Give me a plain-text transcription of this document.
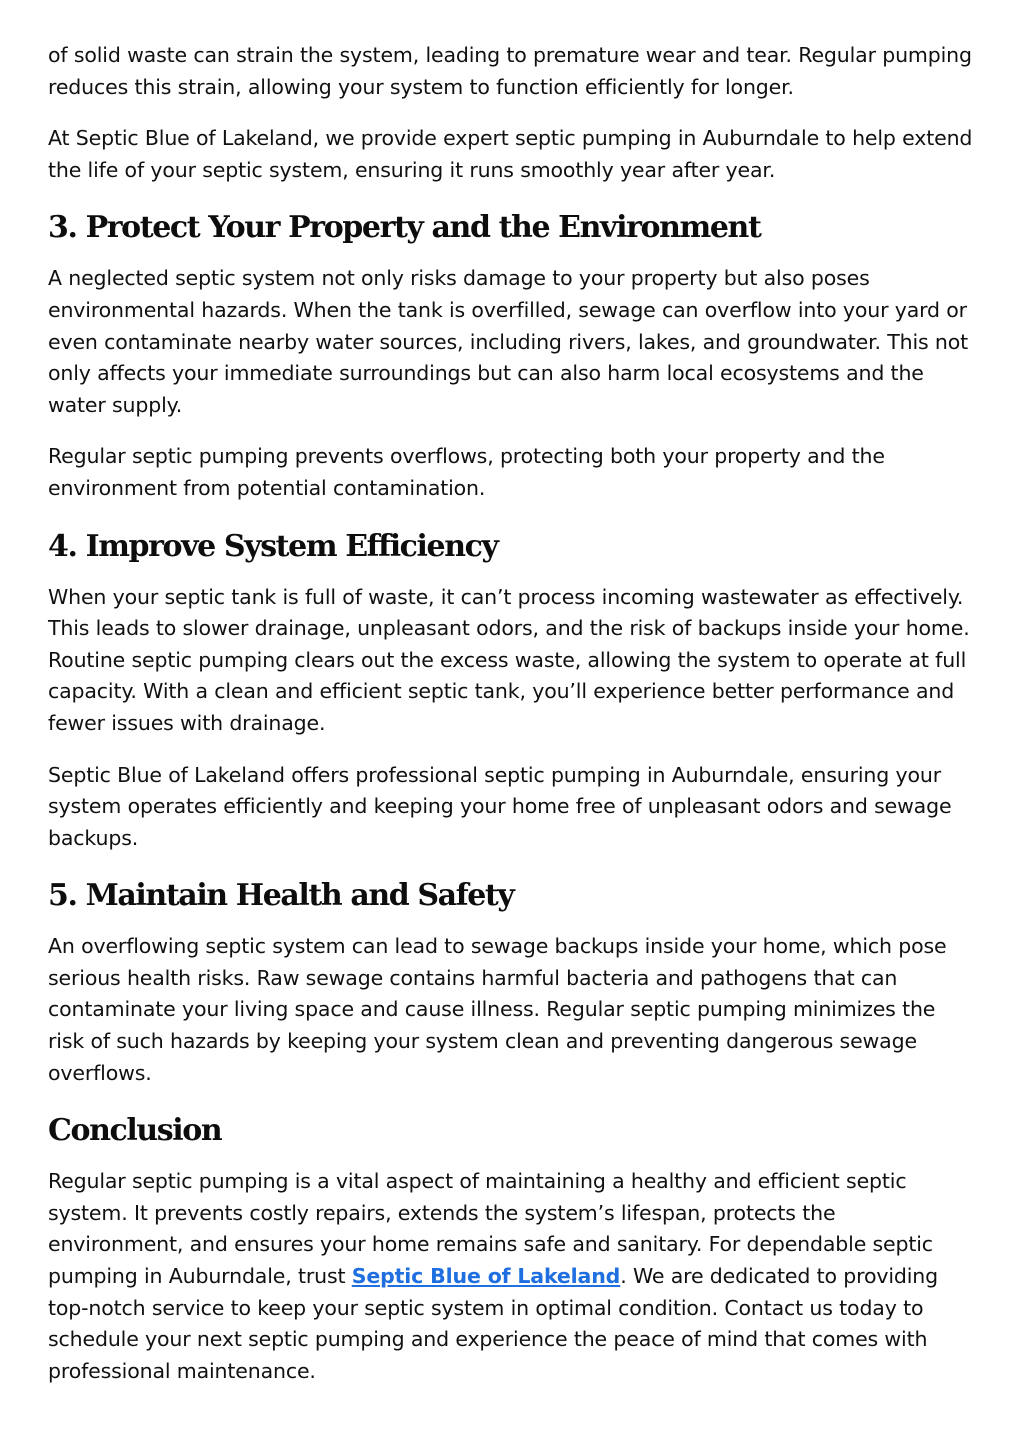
of solid waste can strain the system, leading to premature wear and tear. Regular pumping reduces this strain, allowing your system to function efficiently for longer.

At Septic Blue of Lakeland, we provide expert septic pumping in Auburndale to help extend the life of your septic system, ensuring it runs smoothly year after year.

3. Protect Your Property and the Environment

A neglected septic system not only risks damage to your property but also poses environmental hazards. When the tank is overfilled, sewage can overflow into your yard or even contaminate nearby water sources, including rivers, lakes, and groundwater. This not only affects your immediate surroundings but can also harm local ecosystems and the water supply.

Regular septic pumping prevents overflows, protecting both your property and the environment from potential contamination.

4. Improve System Efficiency

When your septic tank is full of waste, it can’t process incoming wastewater as effectively. This leads to slower drainage, unpleasant odors, and the risk of backups inside your home. Routine septic pumping clears out the excess waste, allowing the system to operate at full capacity. With a clean and efficient septic tank, you’ll experience better performance and fewer issues with drainage.

Septic Blue of Lakeland offers professional septic pumping in Auburndale, ensuring your system operates efficiently and keeping your home free of unpleasant odors and sewage backups.

5. Maintain Health and Safety

An overflowing septic system can lead to sewage backups inside your home, which pose serious health risks. Raw sewage contains harmful bacteria and pathogens that can contaminate your living space and cause illness. Regular septic pumping minimizes the risk of such hazards by keeping your system clean and preventing dangerous sewage overflows.

Conclusion

Regular septic pumping is a vital aspect of maintaining a healthy and efficient septic system. It prevents costly repairs, extends the system’s lifespan, protects the environment, and ensures your home remains safe and sanitary. For dependable septic pumping in Auburndale, trust Septic Blue of Lakeland. We are dedicated to providing top-notch service to keep your septic system in optimal condition. Contact us today to schedule your next septic pumping and experience the peace of mind that comes with professional maintenance.
